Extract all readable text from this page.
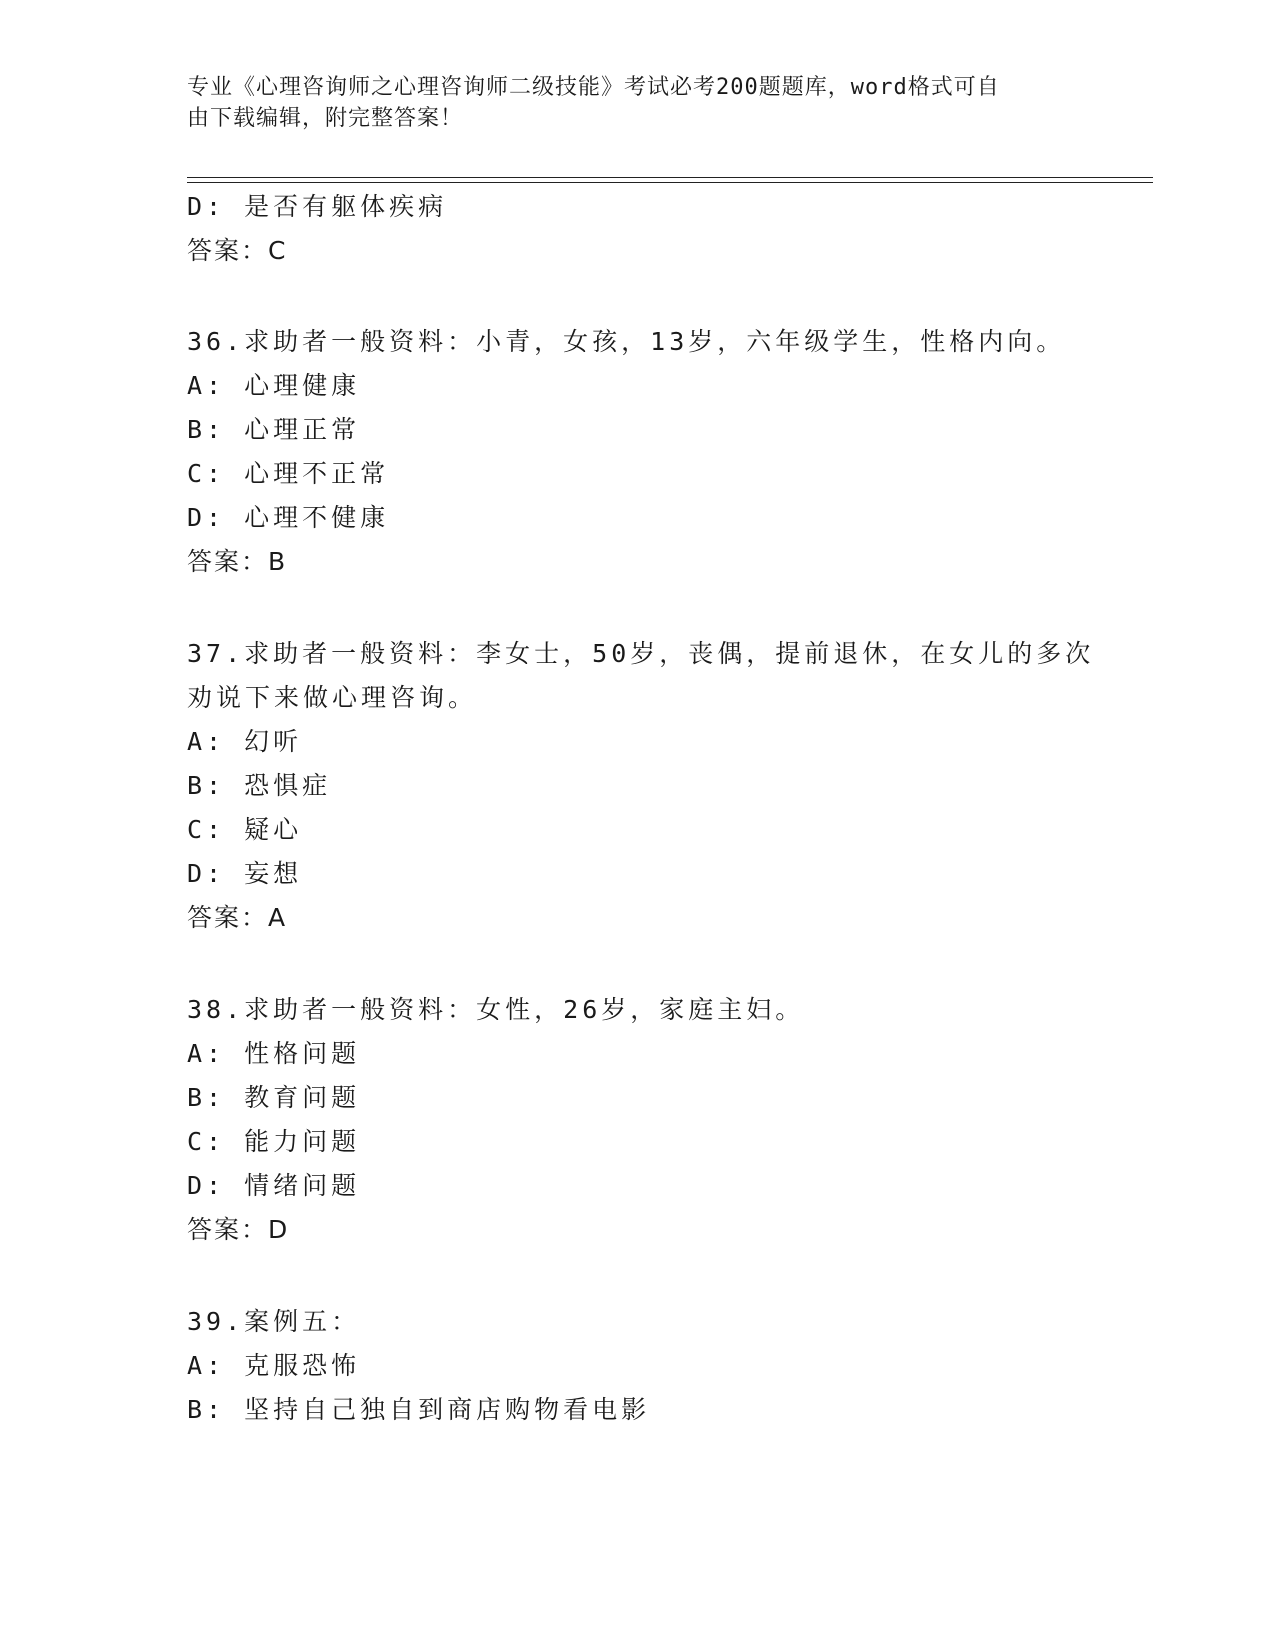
专业《心理咨询师之心理咨询师二级技能》考试必考200题题库，word格式可自
由下载编辑，附完整答案！
D: 是否有躯体疾病
答案：C
36.求助者一般资料：小青，女孩，13岁，六年级学生，性格内向。
A: 心理健康
B: 心理正常
C: 心理不正常
D: 心理不健康
答案：B
37.求助者一般资料：李女士，50岁，丧偶，提前退休，在女儿的多次
劝说下来做心理咨询。
A: 幻听
B: 恐惧症
C: 疑心
D: 妄想
答案：A
38.求助者一般资料：女性，26岁，家庭主妇。
A: 性格问题
B: 教育问题
C: 能力问题
D: 情绪问题
答案：D
39.案例五：
A: 克服恐怖
B: 坚持自己独自到商店购物看电影
